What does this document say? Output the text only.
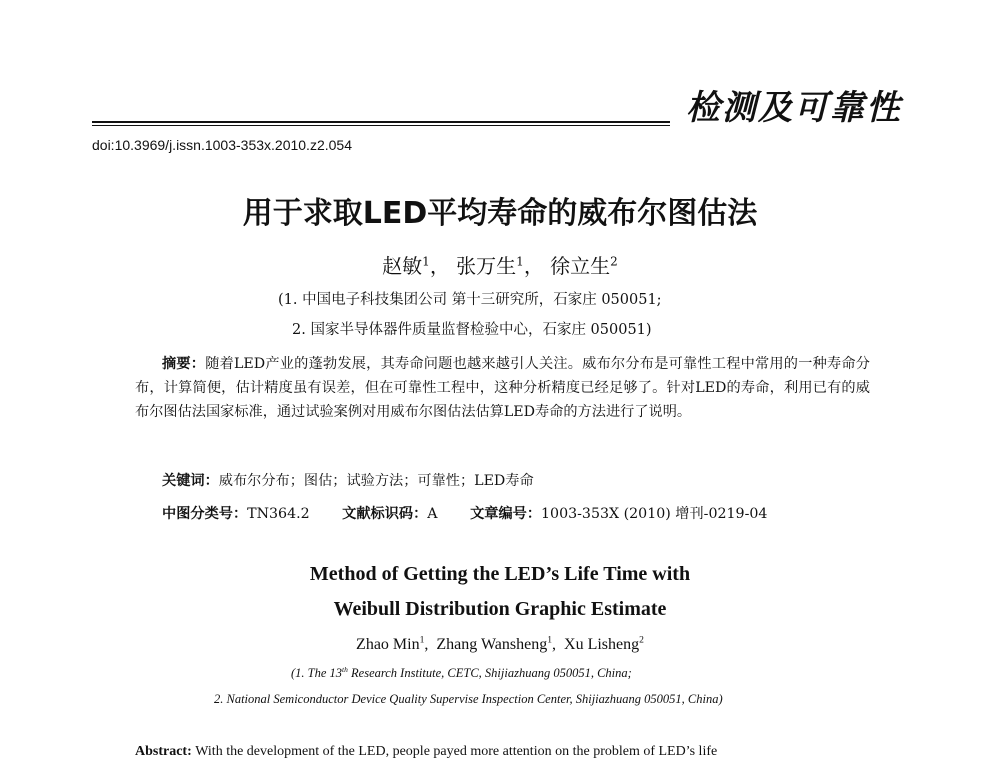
检测及可靠性
doi:10.3969/j.issn.1003-353x.2010.z2.054
用于求取LED平均寿命的威布尔图估法
赵敏$^1$， 张万生$^1$， 徐立生$^2$
(1. 中国电子科技集团公司 第十三研究所，石家庄 050051;
2. 国家半导体器件质量监督检验中心，石家庄 050051)

摘要：随着LED产业的蓬勃发展，其寿命问题也越来越引人关注。威布尔分布是可靠性工程中常用的一种寿命分布，计算简便，估计精度虽有误差，但在可靠性工程中，这种分析精度已经足够了。针对LED的寿命，利用已有的威布尔图估法国家标准，通过试验案例对用威布尔图估法估算LED寿命的方法进行了说明。

关键词：威布尔分布；图估；试验方法；可靠性；LED寿命
中图分类号：TN364.2 文献标识码：A 文章编号：1003-353X (2010) 增刊-0219-04
Method of Getting the LED’s Life Time with
Weibull Distribution Graphic Estimate
Zhao Min$^1$,  Zhang Wansheng$^1$,  Xu Lisheng$^2$
(1. The 13th Research Institute, CETC, Shijiazhuang 050051, China;
2. National Semiconductor Device Quality Supervise Inspection Center, Shijiazhuang 050051, China)
Abstract: With the development of the LED, people payed more attention on the problem of LED’s life
